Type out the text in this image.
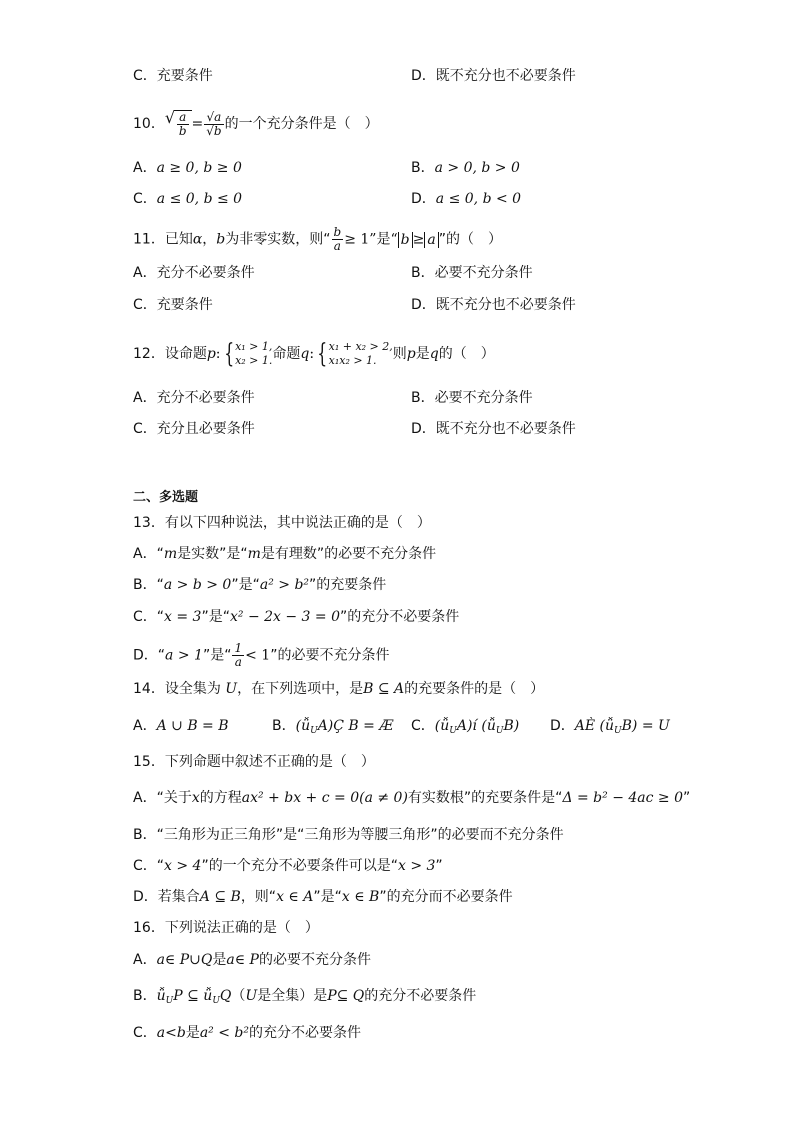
C．充要条件	D．既不充分也不必要条件
10． √ $\frac{a}{b} = \frac{√a}{√b}$ 的一个充分条件是（　）
A．a ≥ 0, b ≥ 0	B．a > 0, b > 0
C．a ≤ 0, b ≤ 0	D．a ≤ 0, b < 0
11．已知α，b为非零实数，则“ $\frac{b}{a} \ge 1$”是“ b ≥ a ”的（　）
A．充分不必要条件	B．必要不充分条件
C．充要条件	D．既不充分也不必要条件
12．设命题p: { x₁ > 1,
x₂ > 1. 命题q: { x₁ + x₂ > 2,
x₁x₂ > 1.	则p是q的（　）
A．充分不必要条件	B．必要不充分条件
C．充分且必要条件	D．既不充分也不必要条件
二、多选题
13．有以下四种说法，其中说法正确的是（　）
A．“m是实数”是“m是有理数”的必要不充分条件
B．“a > b > 0”是“a² > b²”的充要条件
C．“x = 3”是“x² − 2x − 3 = 0”的充分不必要条件
D．“a > 1”是“ $\frac{1}{a} < 1$”的必要不充分条件
14．设全集为 U，在下列选项中，是B ⊆ A的充要条件的是（　）
A．A ∪ B = B	B．$(ǚ_UA)Ç$ B = Æ C．$(ǚ_UA)í$ $(ǚ_UB)$ D．AÈ $(ǚ_UB) = U$
15．下列命题中叙述不正确的是（　）
A．“关于x的方程ax² + bx + c = 0(a ≠ 0)有实数根”的充要条件是“Δ = b² − 4ac ≥ 0”
B．“三角形为正三角形”是“三角形为等腰三角形”的必要而不充分条件
C．“x > 4”的一个充分不必要条件可以是“x > 3”
D．若集合A ⊆ B，则“x ∈ A”是“x ∈ B”的充分而不必要条件
16．下列说法正确的是（　）
A．a∈ P∪Q是a∈ P的必要不充分条件
B．$ǚ_UP$ ⊆ $ǚ_UQ(U$是全集）是P⊆ Q的充分不必要条件
C．a<b是a² < b²的充分不必要条件
